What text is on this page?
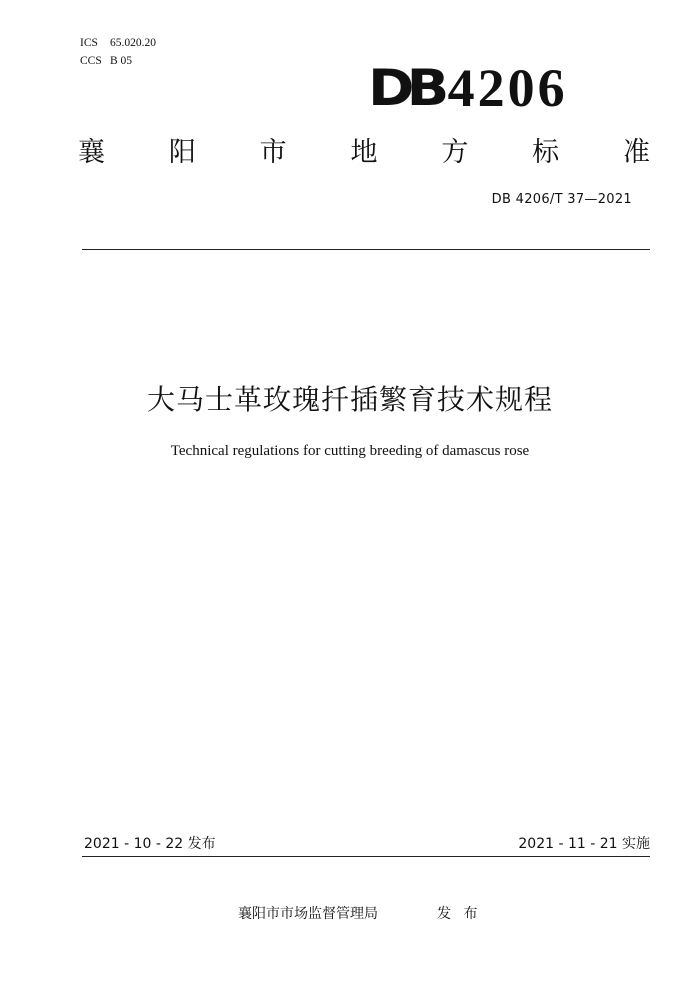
ICS 65.020.20
CCS B 05	DB 4206
襄 阳 市 地 方 标 准
DB 4206/T 37—2021
大马士革玫瑰扦插繁育技术规程
Technical regulations for cutting breeding of damascus rose
2021 - 10 - 22 发布	2021 - 11 - 21 实施
襄阳市市场监督管理局	发 布
